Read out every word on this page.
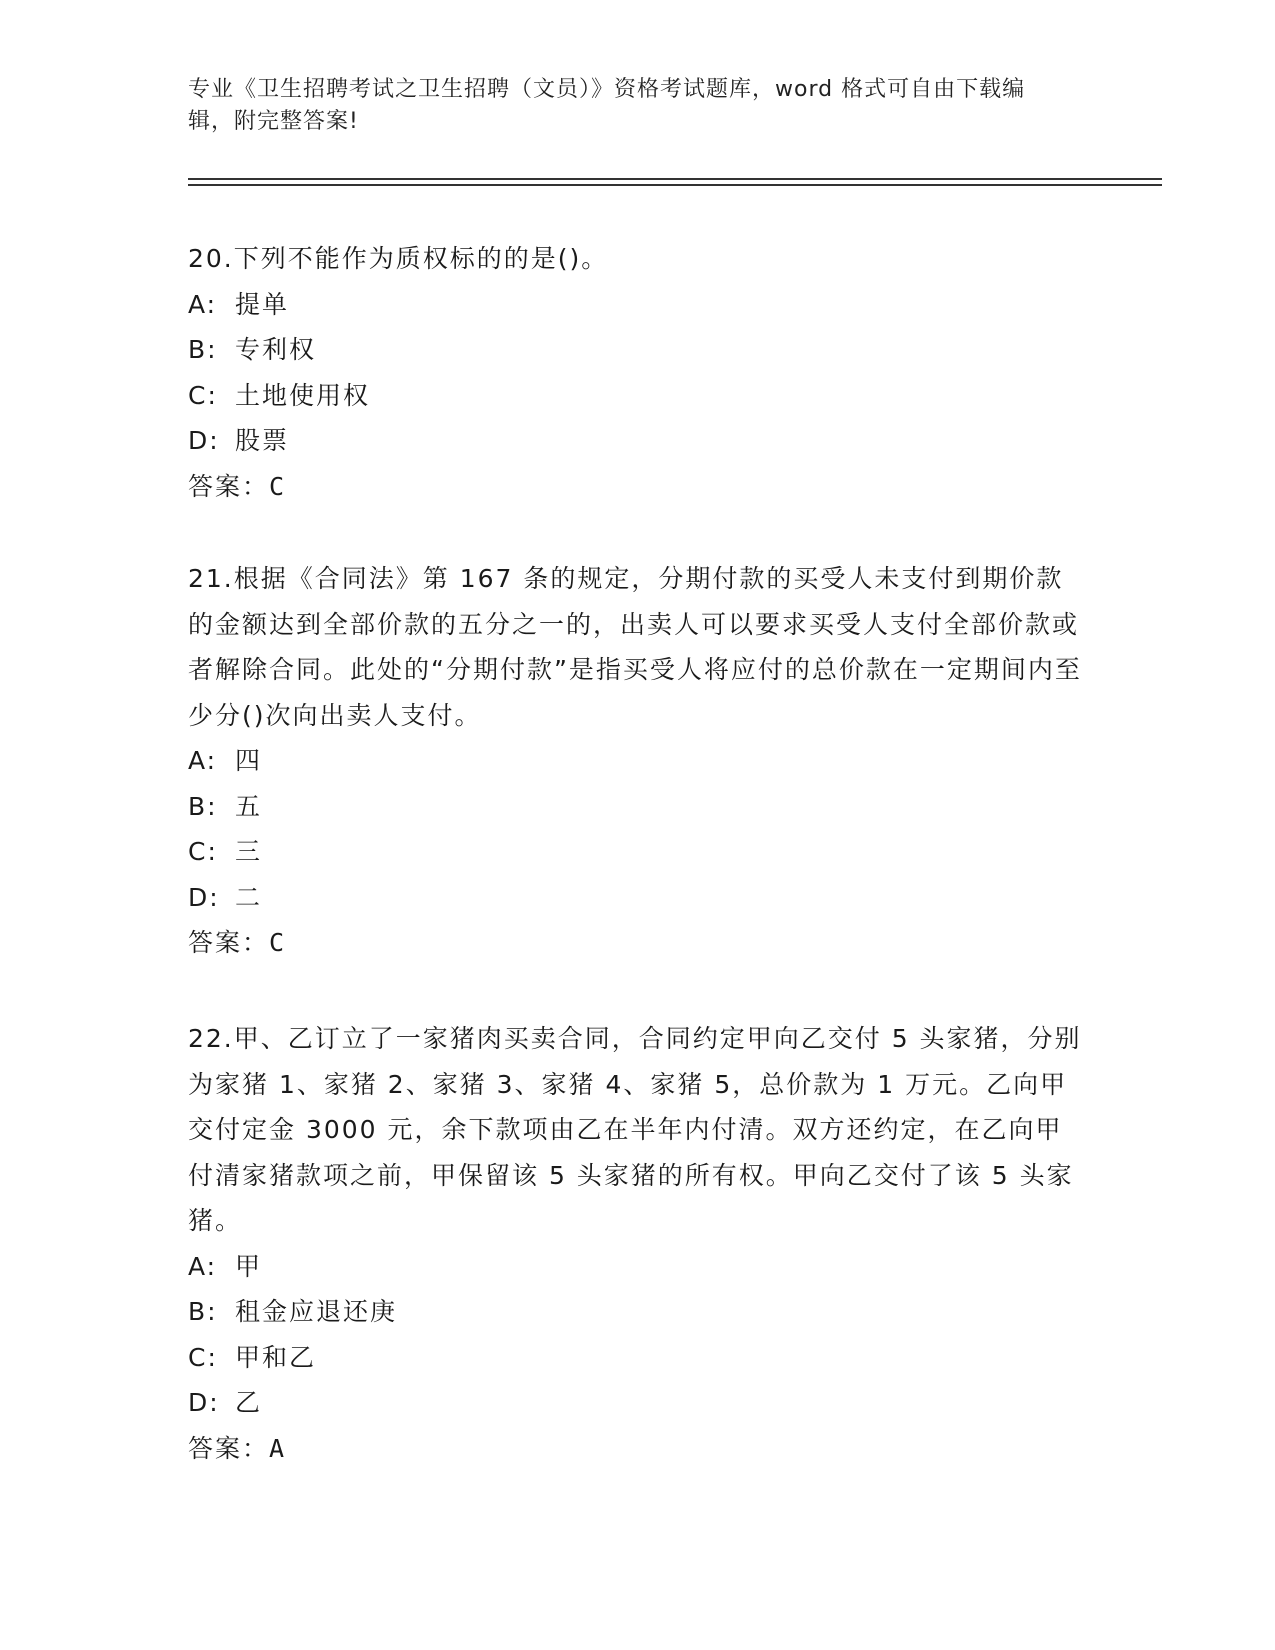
专业《卫生招聘考试之卫生招聘（文员）》资格考试题库，word 格式可自由下载编辑，附完整答案!

20.下列不能作为质权标的的是()。

A: 提单
B: 专利权
C: 土地使用权
D: 股票

答案：C

21.根据《合同法》第 167 条的规定，分期付款的买受人未支付到期价款的金额达到全部价款的五分之一的，出卖人可以要求买受人支付全部价款或者解除合同。此处的“分期付款”是指买受人将应付的总价款在一定期间内至少分()次向出卖人支付。

A: 四
B: 五
C: 三
D: 二

答案：C

22.甲、乙订立了一家猪肉买卖合同，合同约定甲向乙交付 5 头家猪，分别为家猪 1、家猪 2、家猪 3、家猪 4、家猪 5，总价款为 1 万元。乙向甲交付定金 3000 元，余下款项由乙在半年内付清。双方还约定，在乙向甲付清家猪款项之前，甲保留该 5 头家猪的所有权。甲向乙交付了该 5 头家猪。

A: 甲
B: 租金应退还庚
C: 甲和乙
D: 乙

答案：A
